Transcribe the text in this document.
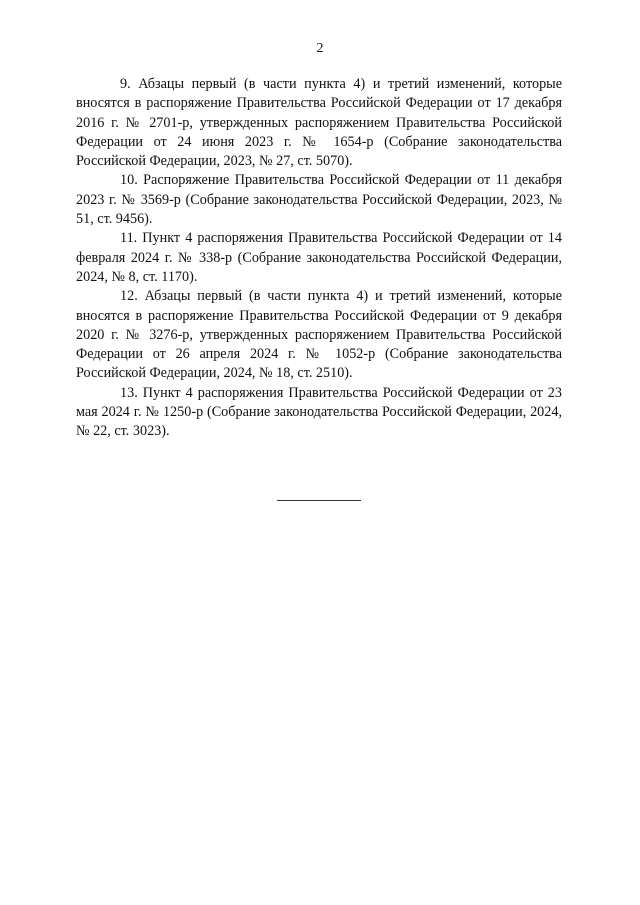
2

9. Абзацы первый (в части пункта 4) и третий изменений, которые вносятся в распоряжение Правительства Российской Федерации от 17 декабря 2016 г. № 2701-р, утвержденных распоряжением Правительства Российской Федерации от 24 июня 2023 г. № 1654-р (Собрание законодательства Российской Федерации, 2023, № 27, ст. 5070).

10. Распоряжение Правительства Российской Федерации от 11 декабря 2023 г. № 3569-р (Собрание законодательства Российской Федерации, 2023, № 51, ст. 9456).

11. Пункт 4 распоряжения Правительства Российской Федерации от 14 февраля 2024 г. № 338-р (Собрание законодательства Российской Федерации, 2024, № 8, ст. 1170).

12. Абзацы первый (в части пункта 4) и третий изменений, которые вносятся в распоряжение Правительства Российской Федерации от 9 декабря 2020 г. № 3276-р, утвержденных распоряжением Правительства Российской Федерации от 26 апреля 2024 г. № 1052-р (Собрание законодательства Российской Федерации, 2024, № 18, ст. 2510).

13. Пункт 4 распоряжения Правительства Российской Федерации от 23 мая 2024 г. № 1250-р (Собрание законодательства Российской Федерации, 2024, № 22, ст. 3023).
